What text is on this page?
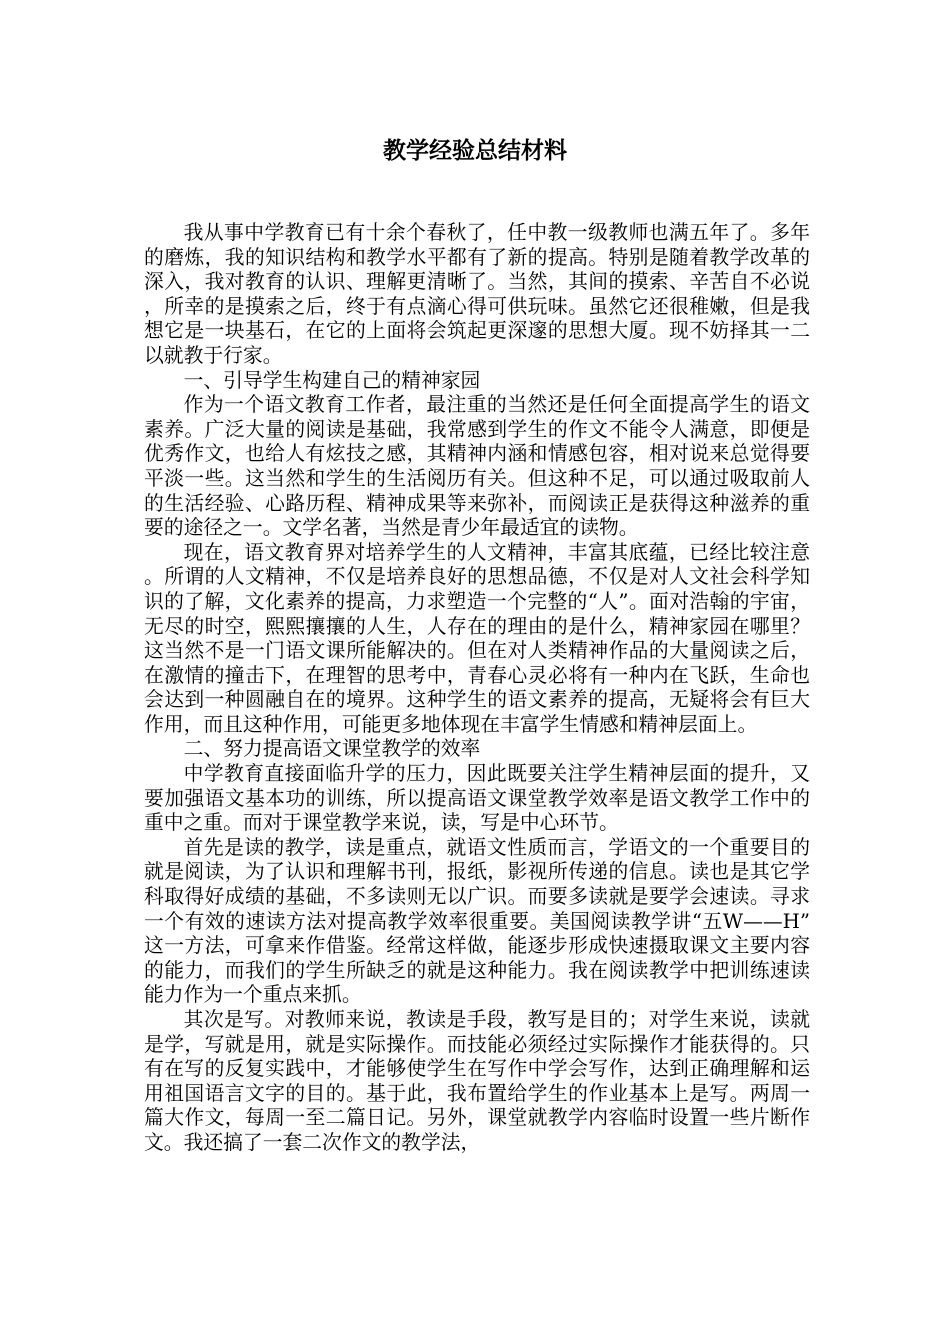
教学经验总结材料

我从事中学教育已有十余个春秋了，任中教一级教师也满五年了。多年的磨炼，我的知识结构和教学水平都有了新的提高。特别是随着教学改革的深入，我对教育的认识、理解更清晰了。当然，其间的摸索、辛苦自不必说，所幸的是摸索之后，终于有点滴心得可供玩味。虽然它还很稚嫩，但是我想它是一块基石，在它的上面将会筑起更深邃的思想大厦。现不妨择其一二以就教于行家。

一、引导学生构建自己的精神家园

作为一个语文教育工作者，最注重的当然还是任何全面提高学生的语文素养。广泛大量的阅读是基础，我常感到学生的作文不能令人满意，即便是优秀作文，也给人有炫技之感，其精神内涵和情感包容，相对说来总觉得要平淡一些。这当然和学生的生活阅历有关。但这种不足，可以通过吸取前人的生活经验、心路历程、精神成果等来弥补，而阅读正是获得这种滋养的重要的途径之一。文学名著，当然是青少年最适宜的读物。

现在，语文教育界对培养学生的人文精神，丰富其底蕴，已经比较注意。所谓的人文精神，不仅是培养良好的思想品德，不仅是对人文社会科学知识的了解，文化素养的提高，力求塑造一个完整的“人”。面对浩翰的宇宙，无尽的时空，熙熙攘攘的人生，人存在的理由的是什么，精神家园在哪里？这当然不是一门语文课所能解决的。但在对人类精神作品的大量阅读之后，在激情的撞击下，在理智的思考中，青春心灵必将有一种内在飞跃，生命也会达到一种圆融自在的境界。这种学生的语文素养的提高，无疑将会有巨大作用，而且这种作用，可能更多地体现在丰富学生情感和精神层面上。

二、努力提高语文课堂教学的效率

中学教育直接面临升学的压力，因此既要关注学生精神层面的提升，又要加强语文基本功的训练，所以提高语文课堂教学效率是语文教学工作中的重中之重。而对于课堂教学来说，读，写是中心环节。

首先是读的教学，读是重点，就语文性质而言，学语文的一个重要目的就是阅读，为了认识和理解书刊，报纸，影视所传递的信息。读也是其它学科取得好成绩的基础，不多读则无以广识。而要多读就是要学会速读。寻求一个有效的速读方法对提高教学效率很重要。美国阅读教学讲“五W——H”这一方法，可拿来作借鉴。经常这样做，能逐步形成快速摄取课文主要内容的能力，而我们的学生所缺乏的就是这种能力。我在阅读教学中把训练速读能力作为一个重点来抓。

其次是写。对教师来说，教读是手段，教写是目的；对学生来说，读就是学，写就是用，就是实际操作。而技能必须经过实际操作才能获得的。只有在写的反复实践中，才能够使学生在写作中学会写作，达到正确理解和运用祖国语言文字的目的。基于此，我布置给学生的作业基本上是写。两周一篇大作文，每周一至二篇日记。另外，课堂就教学内容临时设置一些片断作文。我还搞了一套二次作文的教学法，
